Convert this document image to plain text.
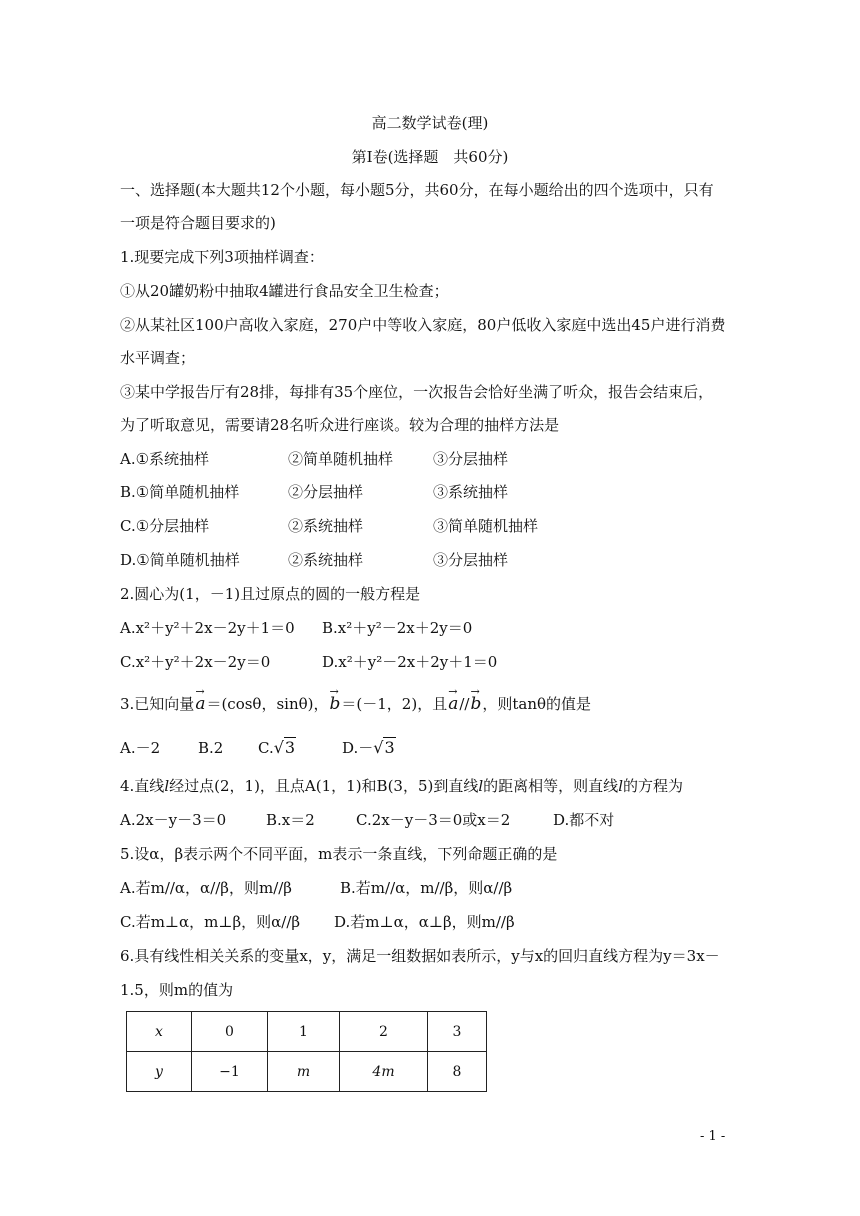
高二数学试卷(理)
第Ⅰ卷(选择题　共60分)
一、选择题(本大题共12个小题，每小题5分，共60分，在每小题给出的四个选项中，只有
一项是符合题目要求的)
1.现要完成下列3项抽样调查：
①从20罐奶粉中抽取4罐进行食品安全卫生检查；
②从某社区100户高收入家庭，270户中等收入家庭，80户低收入家庭中选出45户进行消费
水平调查；
③某中学报告厅有28排，每排有35个座位，一次报告会恰好坐满了听众，报告会结束后，
为了听取意见，需要请28名听众进行座谈。较为合理的抽样方法是
A.①系统抽样	②简单随机抽样	③分层抽样
B.①简单随机抽样	②分层抽样	③系统抽样
C.①分层抽样	②系统抽样	③简单随机抽样
D.①简单随机抽样	②系统抽样	③分层抽样
2.圆心为(1，－1)且过原点的圆的一般方程是
A.x²＋y²＋2x－2y＋1＝0 B.x²＋y²－2x＋2y＝0
C.x²＋y²＋2x－2y＝0	D.x²＋y²－2x＋2y＋1＝0
3.已知向量→ a＝(cosθ，sinθ)，→ b＝(－1，2)，且→ a//→ b，则tanθ的值是
A.－2	B.2 C.√3	D.－√3
4.直线l经过点(2，1)，且点A(1，1)和B(3，5)到直线l的距离相等，则直线l的方程为
A.2x－y－3＝0	B.x＝2	C.2x－y－3＝0或x＝2	D.都不对
5.设α，β表示两个不同平面，m表示一条直线，下列命题正确的是
A.若m//α，α//β，则m//β	B.若m//α，m//β，则α//β
C.若m⊥α，m⊥β，则α//β D.若m⊥α，α⊥β，则m//β
6.具有线性相关关系的变量x，y，满足一组数据如表所示，y与x的回归直线方程为y＝3x－
1.5，则m的值为
x	0	1	2	3
y	−1	m	4m	8
- 1 -
